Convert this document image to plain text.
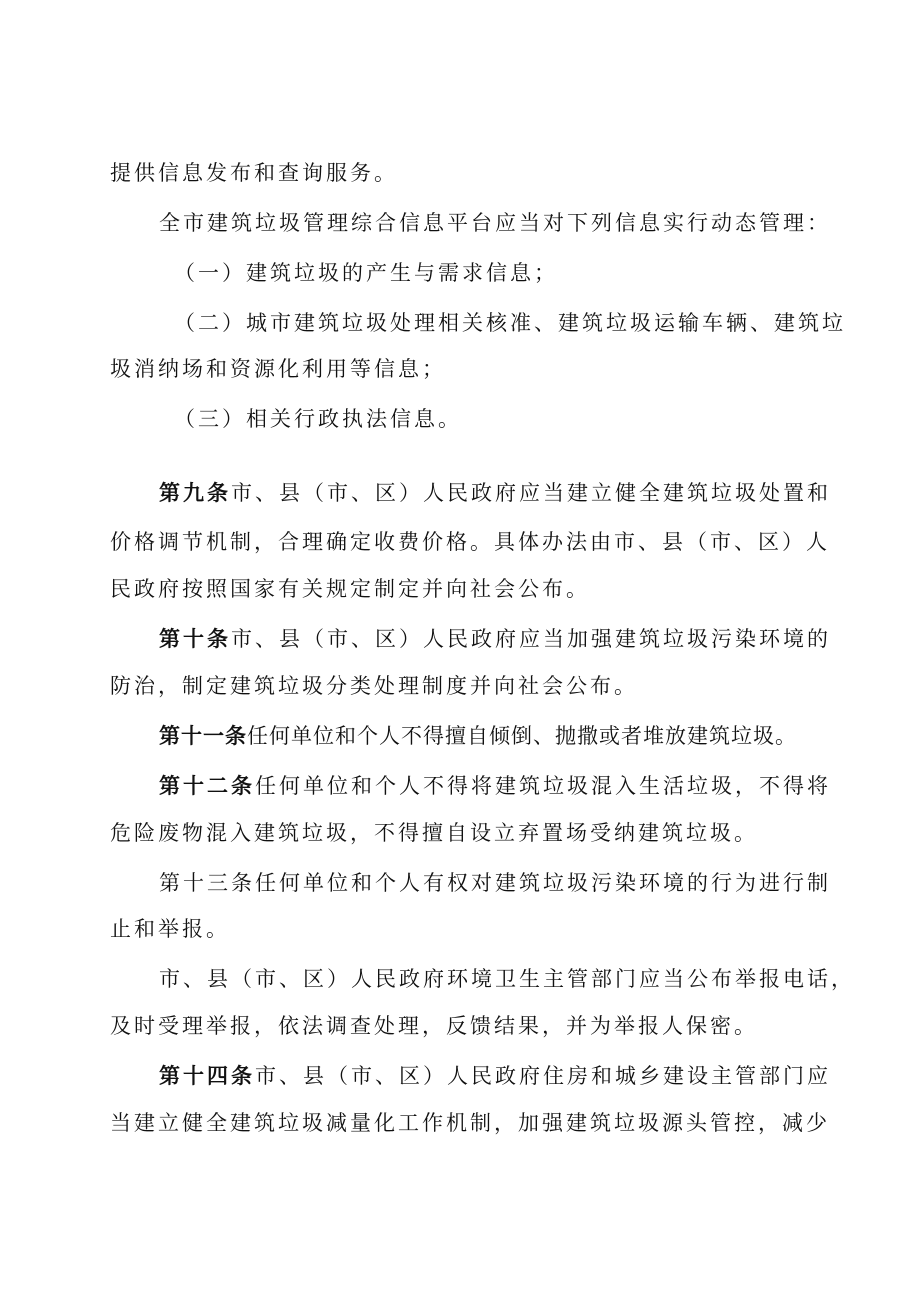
提供信息发布和查询服务。
全市建筑垃圾管理综合信息平台应当对下列信息实行动态管理：
（一）建筑垃圾的产生与需求信息；
（二）城市建筑垃圾处理相关核准、建筑垃圾运输车辆、建筑垃
圾消纳场和资源化利用等信息；
（三）相关行政执法信息。
第九条市、县（市、区）人民政府应当建立健全建筑垃圾处置和
价格调节机制，合理确定收费价格。具体办法由市、县（市、区）人
民政府按照国家有关规定制定并向社会公布。
第十条市、县（市、区）人民政府应当加强建筑垃圾污染环境的
防治，制定建筑垃圾分类处理制度并向社会公布。
第十一条任何单位和个人不得擅自倾倒、抛撒或者堆放建筑垃圾。
第十二条任何单位和个人不得将建筑垃圾混入生活垃圾，不得将
危险废物混入建筑垃圾，不得擅自设立弃置场受纳建筑垃圾。
第十三条任何单位和个人有权对建筑垃圾污染环境的行为进行制
止和举报。
市、县（市、区）人民政府环境卫生主管部门应当公布举报电话，
及时受理举报，依法调查处理，反馈结果，并为举报人保密。
第十四条市、县（市、区）人民政府住房和城乡建设主管部门应
当建立健全建筑垃圾减量化工作机制，加强建筑垃圾源头管控，减少
